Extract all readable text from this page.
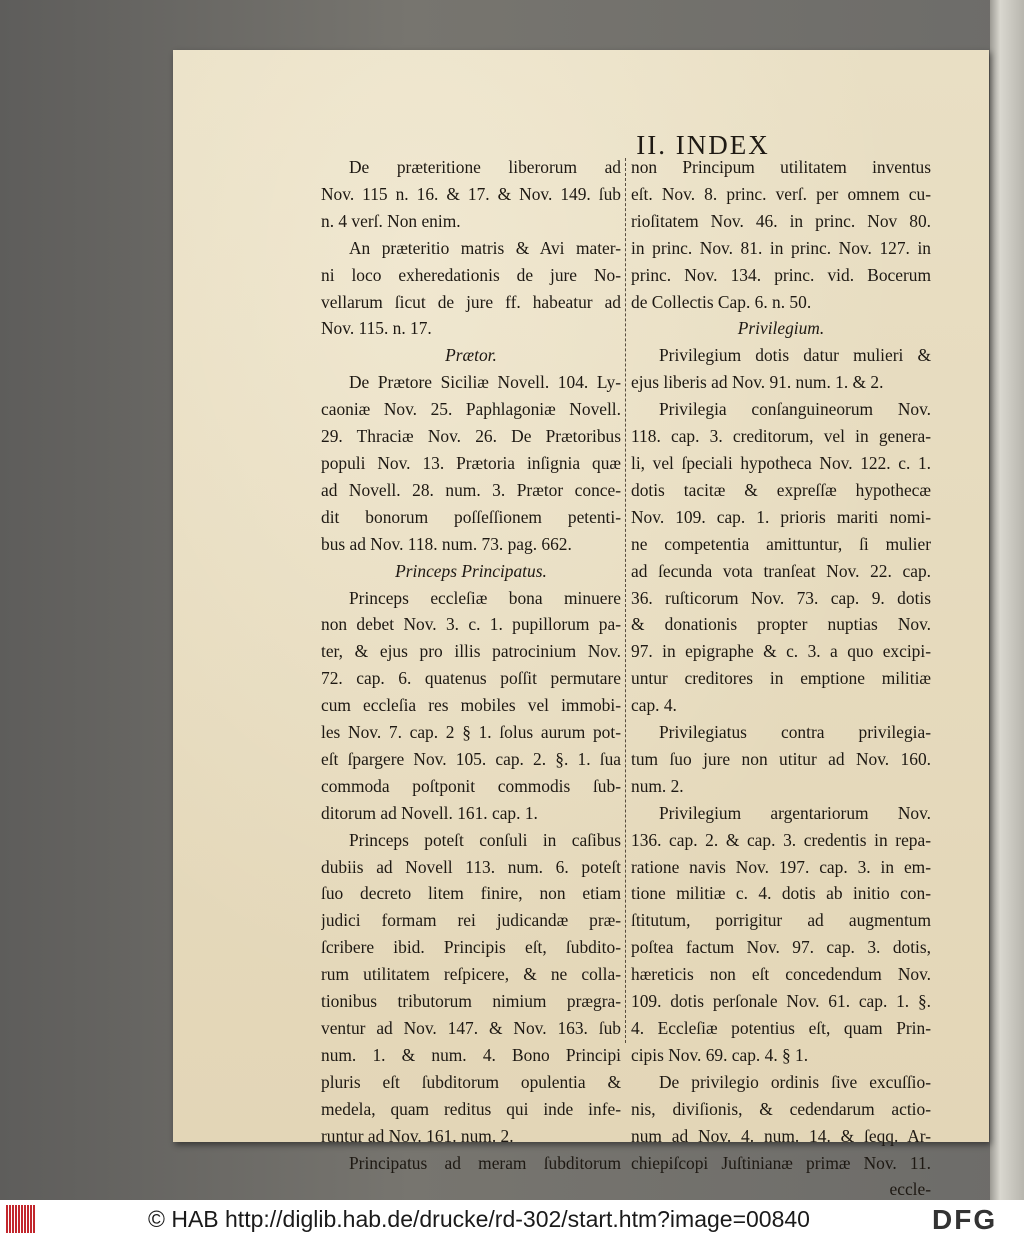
II. INDEX
De præteritione liberorum ad
Nov. 115 n. 16. & 17. & Nov. 149. ſub
n. 4 verſ. Non enim.
An præteritio matris & Avi mater-
ni loco exheredationis de jure No-
vellarum ſicut de jure ff. habeatur ad
Nov. 115. n. 17.
Prætor.
De Prætore Siciliæ Novell. 104. Ly-
caoniæ Nov. 25. Paphlagoniæ Novell.
29. Thraciæ Nov. 26. De Prætoribus
populi Nov. 13. Prætoria inſignia quæ
ad Novell. 28. num. 3. Prætor conce-
dit bonorum poſſeſſionem petenti-
bus ad Nov. 118. num. 73. pag. 662.
Princeps Principatus.
Princeps eccleſiæ bona minuere
non debet Nov. 3. c. 1. pupillorum pa-
ter, & ejus pro illis patrocinium Nov.
72. cap. 6. quatenus poſſit permutare
cum eccleſia res mobiles vel immobi-
les Nov. 7. cap. 2 § 1. ſolus aurum pot-
eſt ſpargere Nov. 105. cap. 2. §. 1. ſua
commoda poſtponit commodis ſub-
ditorum ad Novell. 161. cap. 1.
Princeps poteſt conſuli in caſibus
dubiis ad Novell 113. num. 6. poteſt
ſuo decreto litem finire, non etiam
judici formam rei judicandæ præ-
ſcribere ibid. Principis eſt, ſubdito-
rum utilitatem reſpicere, & ne colla-
tionibus tributorum nimium prægra-
ventur ad Nov. 147. & Nov. 163. ſub
num. 1. & num. 4. Bono Principi
pluris eſt ſubditorum opulentia &
medela, quam reditus qui inde infe-
runtur ad Nov. 161. num. 2.
Principatus ad meram ſubditorum
non Principum utilitatem inventus
eſt. Nov. 8. princ. verſ. per omnem cu-
rioſitatem Nov. 46. in princ. Nov 80.
in princ. Nov. 81. in princ. Nov. 127. in
princ. Nov. 134. princ. vid. Bocerum
de Collectis Cap. 6. n. 50.
Privilegium.
Privilegium dotis datur mulieri &
ejus liberis ad Nov. 91. num. 1. & 2.
Privilegia conſanguineorum Nov.
118. cap. 3. creditorum, vel in genera-
li, vel ſpeciali hypotheca Nov. 122. c. 1.
dotis tacitæ & expreſſæ hypothecæ
Nov. 109. cap. 1. prioris mariti nomi-
ne competentia amittuntur, ſi mulier
ad ſecunda vota tranſeat Nov. 22. cap.
36. ruſticorum Nov. 73. cap. 9. dotis
& donationis propter nuptias Nov.
97. in epigraphe & c. 3. a quo excipi-
untur creditores in emptione militiæ
cap. 4.
Privilegiatus contra privilegia-
tum ſuo jure non utitur ad Nov. 160.
num. 2.
Privilegium argentariorum Nov.
136. cap. 2. & cap. 3. credentis in repa-
ratione navis Nov. 197. cap. 3. in em-
tione militiæ c. 4. dotis ab initio con-
ſtitutum, porrigitur ad augmentum
poſtea factum Nov. 97. cap. 3. dotis,
hæreticis non eſt concedendum Nov.
109. dotis perſonale Nov. 61. cap. 1. §.
4. Eccleſiæ potentius eſt, quam Prin-
cipis Nov. 69. cap. 4. § 1.
De privilegio ordinis ſive excuſſio-
nis, diviſionis, & cedendarum actio-
num ad Nov. 4. num. 14. & ſeqq. Ar-
chiepiſcopi Juſtinianæ primæ Nov. 11.
eccle-
© HAB http://diglib.hab.de/drucke/rd-302/start.htm?image=00840	DFG
